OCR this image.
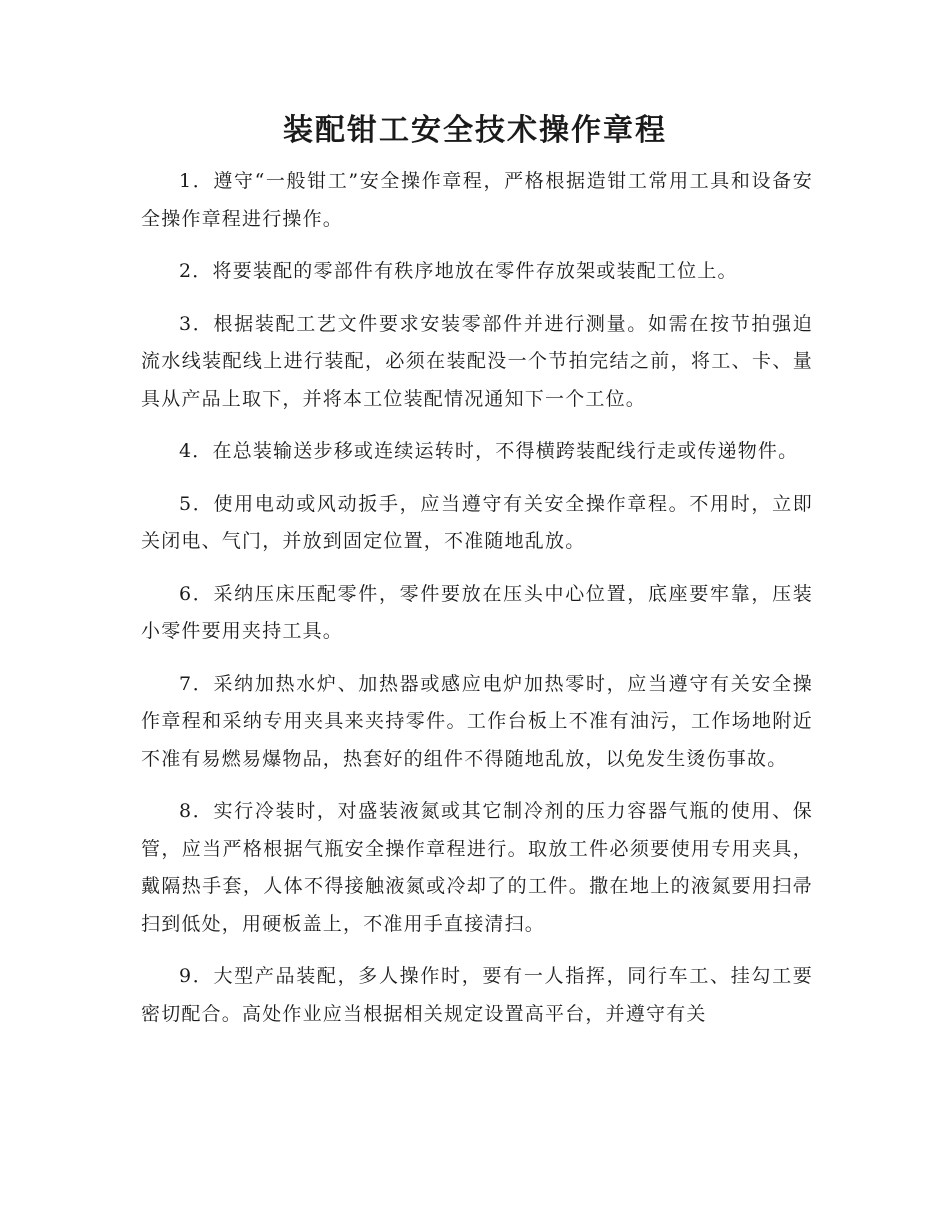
装配钳工安全技术操作章程

1．遵守“一般钳工”安全操作章程，严格根据造钳工常用工具和设备安全操作章程进行操作。

2．将要装配的零部件有秩序地放在零件存放架或装配工位上。

3．根据装配工艺文件要求安装零部件并进行测量。如需在按节拍强迫流水线装配线上进行装配，必须在装配没一个节拍完结之前，将工、卡、量具从产品上取下，并将本工位装配情况通知下一个工位。

4．在总装输送步移或连续运转时，不得横跨装配线行走或传递物件。

5．使用电动或风动扳手，应当遵守有关安全操作章程。不用时，立即关闭电、气门，并放到固定位置，不准随地乱放。

6．采纳压床压配零件，零件要放在压头中心位置，底座要牢靠，压装小零件要用夹持工具。

7．采纳加热水炉、加热器或感应电炉加热零时，应当遵守有关安全操作章程和采纳专用夹具来夹持零件。工作台板上不准有油污，工作场地附近不准有易燃易爆物品，热套好的组件不得随地乱放，以免发生烫伤事故。

8．实行冷装时，对盛装液氮或其它制冷剂的压力容器气瓶的使用、保管，应当严格根据气瓶安全操作章程进行。取放工件必须要使用专用夹具，戴隔热手套，人体不得接触液氮或冷却了的工件。撒在地上的液氮要用扫帚扫到低处，用硬板盖上，不准用手直接清扫。

9．大型产品装配，多人操作时，要有一人指挥，同行车工、挂勾工要密切配合。高处作业应当根据相关规定设置高平台，并遵守有关
